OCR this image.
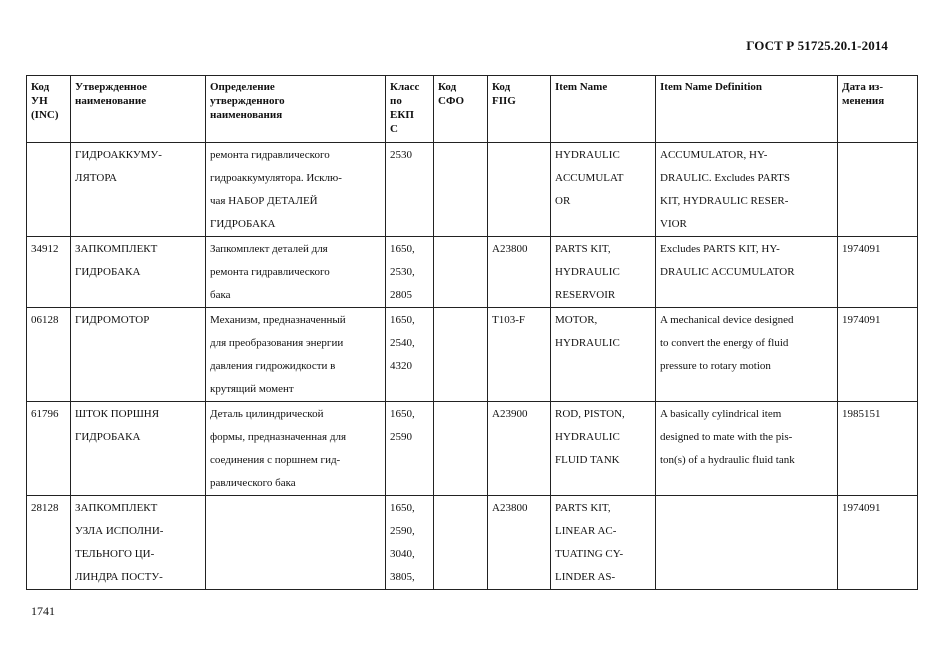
ГОСТ Р 51725.20.1-2014
Код
УН
(INC)	Утвержденное
наименование	Определение
утвержденного
наименования	Класс
по
ЕКП
С	Код
СФО	Код
FIIG	Item Name	Item Name Definition	Дата из-
менения

	ГИДРОАККУМУ-
ЛЯТОРА	ремонта гидравлического
гидроаккумулятора. Исклю-
чая НАБОР ДЕТАЛЕЙ
ГИДРОБАКА	2530			HYDRAULIC
ACCUMULAT
OR	ACCUMULATOR, HY-
DRAULIC. Excludes PARTS
KIT, HYDRAULIC RESER-
VIOR	

34912	ЗАПКОМПЛЕКТ
ГИДРОБАКА	Запкомплект деталей для
ремонта гидравлического
бака	1650,
2530,
2805		A23800	PARTS KIT,
HYDRAULIC
RESERVOIR	Excludes PARTS KIT, HY-
DRAULIC ACCUMULATOR	1974091

06128	ГИДРОМОТОР	Механизм, предназначенный
для преобразования энергии
давления гидрожидкости в
крутящий момент	1650,
2540,
4320		T103-F	MOTOR,
HYDRAULIC	A mechanical device designed
to convert the energy of fluid
pressure to rotary motion	1974091

61796	ШТОК ПОРШНЯ
ГИДРОБАКА	Деталь цилиндрической
формы, предназначенная для
соединения с поршнем гид-
равлического бака	1650,
2590		A23900	ROD, PISTON,
HYDRAULIC
FLUID TANK	A basically cylindrical item
designed to mate with the pis-
ton(s) of a hydraulic fluid tank	1985151

28128	ЗАПКОМПЛЕКТ
УЗЛА ИСПОЛНИ-
ТЕЛЬНОГО ЦИ-
ЛИНДРА ПОСТУ-		1650,
2590,
3040,
3805,		A23800	PARTS KIT,
LINEAR AC-
TUATING CY-
LINDER AS-		1974091
1741
